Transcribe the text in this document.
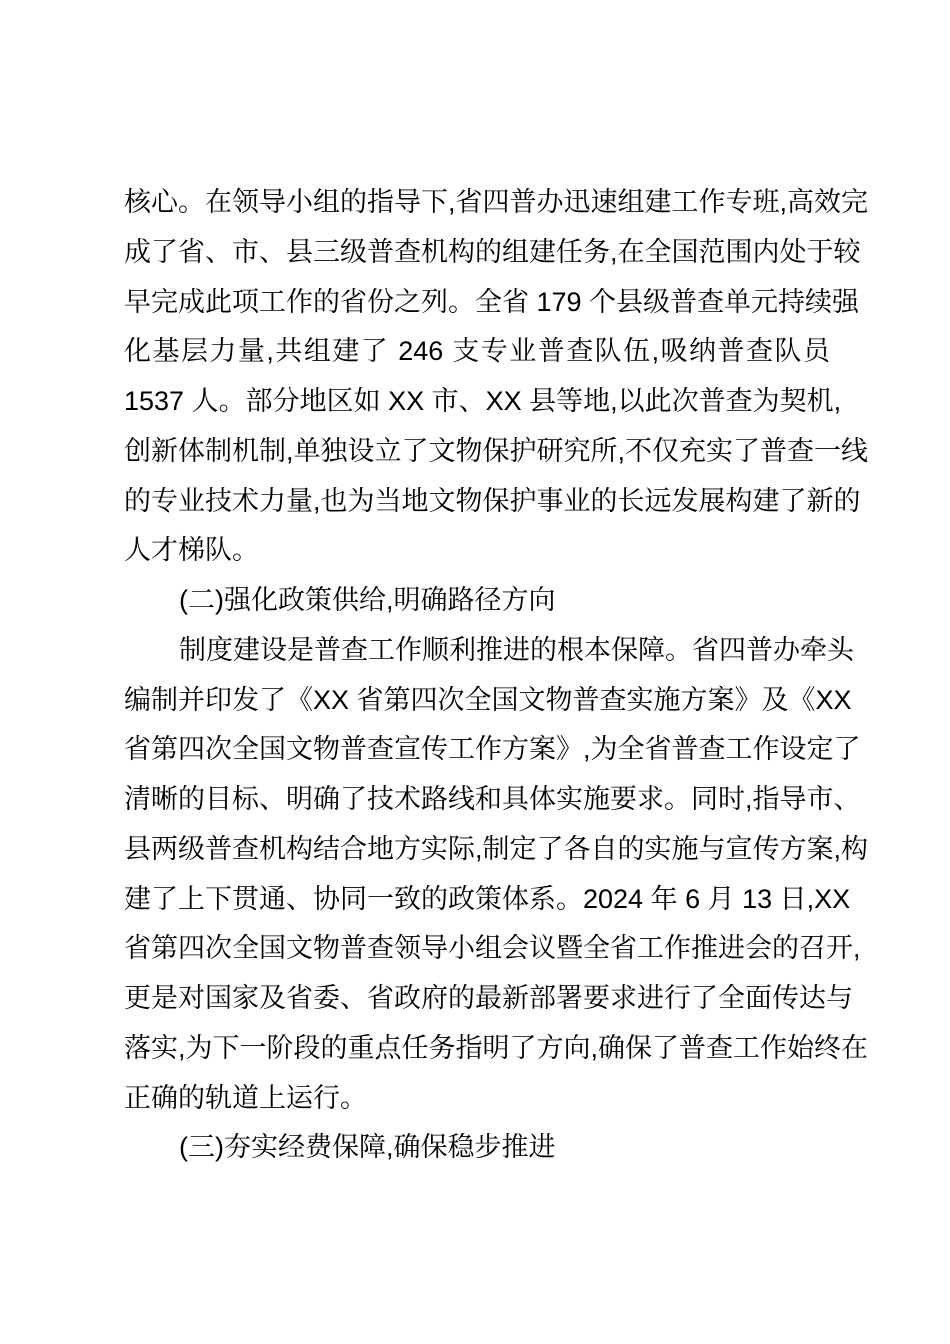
核心。在领导小组的指导下,省四普办迅速组建工作专班,高效完
成了省、市、县三级普查机构的组建任务,在全国范围内处于较
早完成此项工作的省份之列。全省 179 个县级普查单元持续强
化基层力量,共组建了 246 支专业普查队伍,吸纳普查队员
1537 人。部分地区如 XX 市、XX 县等地,以此次普查为契机,
创新体制机制,单独设立了文物保护研究所,不仅充实了普查一线
的专业技术力量,也为当地文物保护事业的长远发展构建了新的
人才梯队。
(二)强化政策供给,明确路径方向
制度建设是普查工作顺利推进的根本保障。省四普办牵头
编制并印发了《XX 省第四次全国文物普查实施方案》及《XX
省第四次全国文物普查宣传工作方案》,为全省普查工作设定了
清晰的目标、明确了技术路线和具体实施要求。同时,指导市、
县两级普查机构结合地方实际,制定了各自的实施与宣传方案,构
建了上下贯通、协同一致的政策体系。2024 年 6 月 13 日,XX
省第四次全国文物普查领导小组会议暨全省工作推进会的召开,
更是对国家及省委、省政府的最新部署要求进行了全面传达与
落实,为下一阶段的重点任务指明了方向,确保了普查工作始终在
正确的轨道上运行。
(三)夯实经费保障,确保稳步推进
